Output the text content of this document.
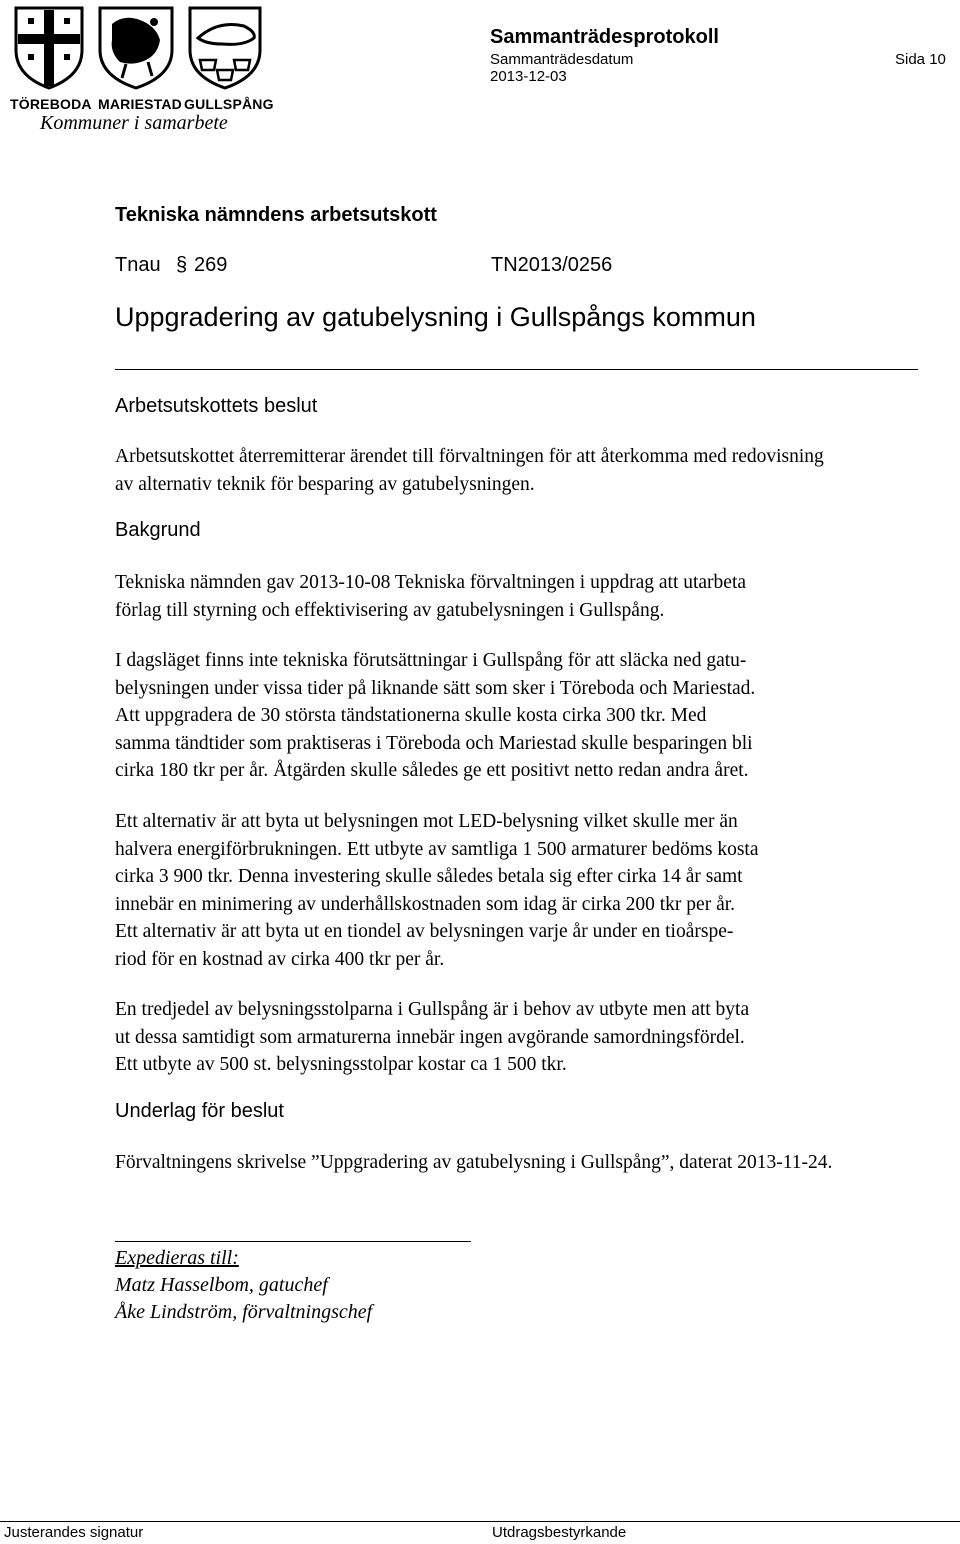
TÖREBODA MARIESTAD GULLSPÅNG
Kommuner i samarbete
Sammanträdesprotokoll
Sammanträdesdatum
2013-12-03
Sida 10
Tekniska nämndens arbetsutskott
Tnau § 269	TN2013/0256
Uppgradering av gatubelysning i Gullspångs kommun
Arbetsutskottets beslut

Arbetsutskottet återremitterar ärendet till förvaltningen för att återkomma med redovisning

av alternativ teknik för besparing av gatubelysningen.

Bakgrund

Tekniska nämnden gav 2013-10-08 Tekniska förvaltningen i uppdrag att utarbeta

förlag till styrning och effektivisering av gatubelysningen i Gullspång.

I dagsläget finns inte tekniska förutsättningar i Gullspång för att släcka ned gatu-

belysningen under vissa tider på liknande sätt som sker i Töreboda och Mariestad.

Att uppgradera de 30 största tändstationerna skulle kosta cirka 300 tkr. Med

samma tändtider som praktiseras i Töreboda och Mariestad skulle besparingen bli

cirka 180 tkr per år. Åtgärden skulle således ge ett positivt netto redan andra året.

Ett alternativ är att byta ut belysningen mot LED-belysning vilket skulle mer än

halvera energiförbrukningen. Ett utbyte av samtliga 1 500 armaturer bedöms kosta

cirka 3 900 tkr. Denna investering skulle således betala sig efter cirka 14 år samt

innebär en minimering av underhållskostnaden som idag är cirka 200 tkr per år.

Ett alternativ är att byta ut en tiondel av belysningen varje år under en tioårspe-

riod för en kostnad av cirka 400 tkr per år.

En tredjedel av belysningsstolparna i Gullspång är i behov av utbyte men att byta

ut dessa samtidigt som armaturerna innebär ingen avgörande samordningsfördel.

Ett utbyte av 500 st. belysningsstolpar kostar ca 1 500 tkr.

Underlag för beslut

Förvaltningens skrivelse ”Uppgradering av gatubelysning i Gullspång”, daterat 2013-11-24.

Expedieras till:
Matz Hasselbom, gatuchef
Åke Lindström, förvaltningschef
Justerandes signatur	Utdragsbestyrkande
